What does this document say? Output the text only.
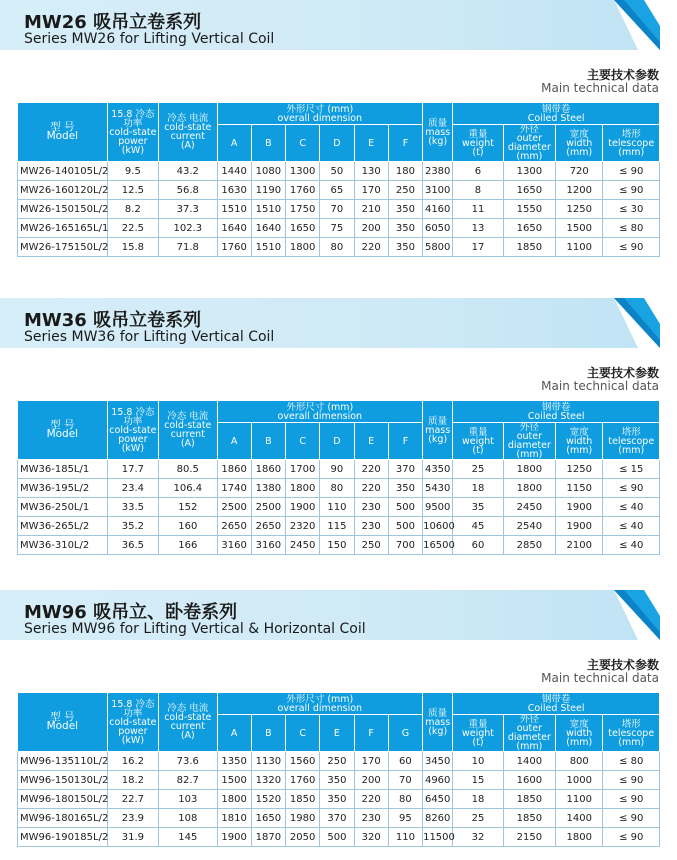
MW26 吸吊立卷系列
Series MW26 for Lifting Vertical Coil
主要技术参数
Main technical data
型 号
Model	15.8 冷态 功率
cold-state power
(kW)	冷态 电流
cold-state current
(A)	外形尺寸 (mm)
overall dimension						质量
mass
(kg)	钢带卷
Coiled Steel			

			A	B	C	D	E	F		重量
weight
(t)	外径
outer diameter
(mm)	宽度
width
(mm)	塔形
telescope
(mm)

MW26-140105L/2	9.5	43.2	1440	1080	1300	50	130	180	2380	6	1300	720	≤ 90
MW26-160120L/2	12.5	56.8	1630	1190	1760	65	170	250	3100	8	1650	1200	≤ 90
MW26-150150L/2	8.2	37.3	1510	1510	1750	70	210	350	4160	11	1550	1250	≤ 30
MW26-165165L/1	22.5	102.3	1640	1640	1650	75	200	350	6050	13	1650	1500	≤ 80
MW26-175150L/2	15.8	71.8	1760	1510	1800	80	220	350	5800	17	1850	1100	≤ 90
MW36 吸吊立卷系列
Series MW36 for Lifting Vertical Coil
主要技术参数
Main technical data
型 号
Model	15.8 冷态 功率
cold-state power
(kW)	冷态 电流
cold-state current
(A)	外形尺寸 (mm)
overall dimension						质量
mass
(kg)	钢带卷
Coiled Steel			

			A	B	C	D	E	F		重量
weight
(t)	外径
outer diameter
(mm)	宽度
width
(mm)	塔形
telescope
(mm)

MW36-185L/1	17.7	80.5	1860	1860	1700	90	220	370	4350	25	1800	1250	≤ 15
MW36-195L/2	23.4	106.4	1740	1380	1800	80	220	350	5430	18	1800	1150	≤ 90
MW36-250L/1	33.5	152	2500	2500	1900	110	230	500	9500	35	2450	1900	≤ 40
MW36-265L/2	35.2	160	2650	2650	2320	115	230	500	10600	45	2540	1900	≤ 40
MW36-310L/2	36.5	166	3160	3160	2450	150	250	700	16500	60	2850	2100	≤ 40
MW96 吸吊立、卧卷系列
Series MW96 for Lifting Vertical & Horizontal Coil
主要技术参数
Main technical data
型 号
Model	15.8 冷态 功率
cold-state power
(kW)	冷态 电流
cold-state current
(A)	外形尺寸 (mm)
overall dimension						质量
mass
(kg)	钢带卷
Coiled Steel			

			A	B	C	E	F	G		重量
weight
(t)	外径
outer diameter
(mm)	宽度
width
(mm)	塔形
telescope
(mm)

MW96-135110L/2	16.2	73.6	1350	1130	1560	250	170	60	3450	10	1400	800	≤ 80
MW96-150130L/2	18.2	82.7	1500	1320	1760	350	200	70	4960	15	1600	1000	≤ 90
MW96-180150L/2	22.7	103	1800	1520	1850	350	220	80	6450	18	1850	1100	≤ 90
MW96-180165L/2	23.9	108	1810	1650	1980	370	230	95	8260	25	1850	1400	≤ 90
MW96-190185L/2	31.9	145	1900	1870	2050	500	320	110	11500	32	2150	1800	≤ 90
